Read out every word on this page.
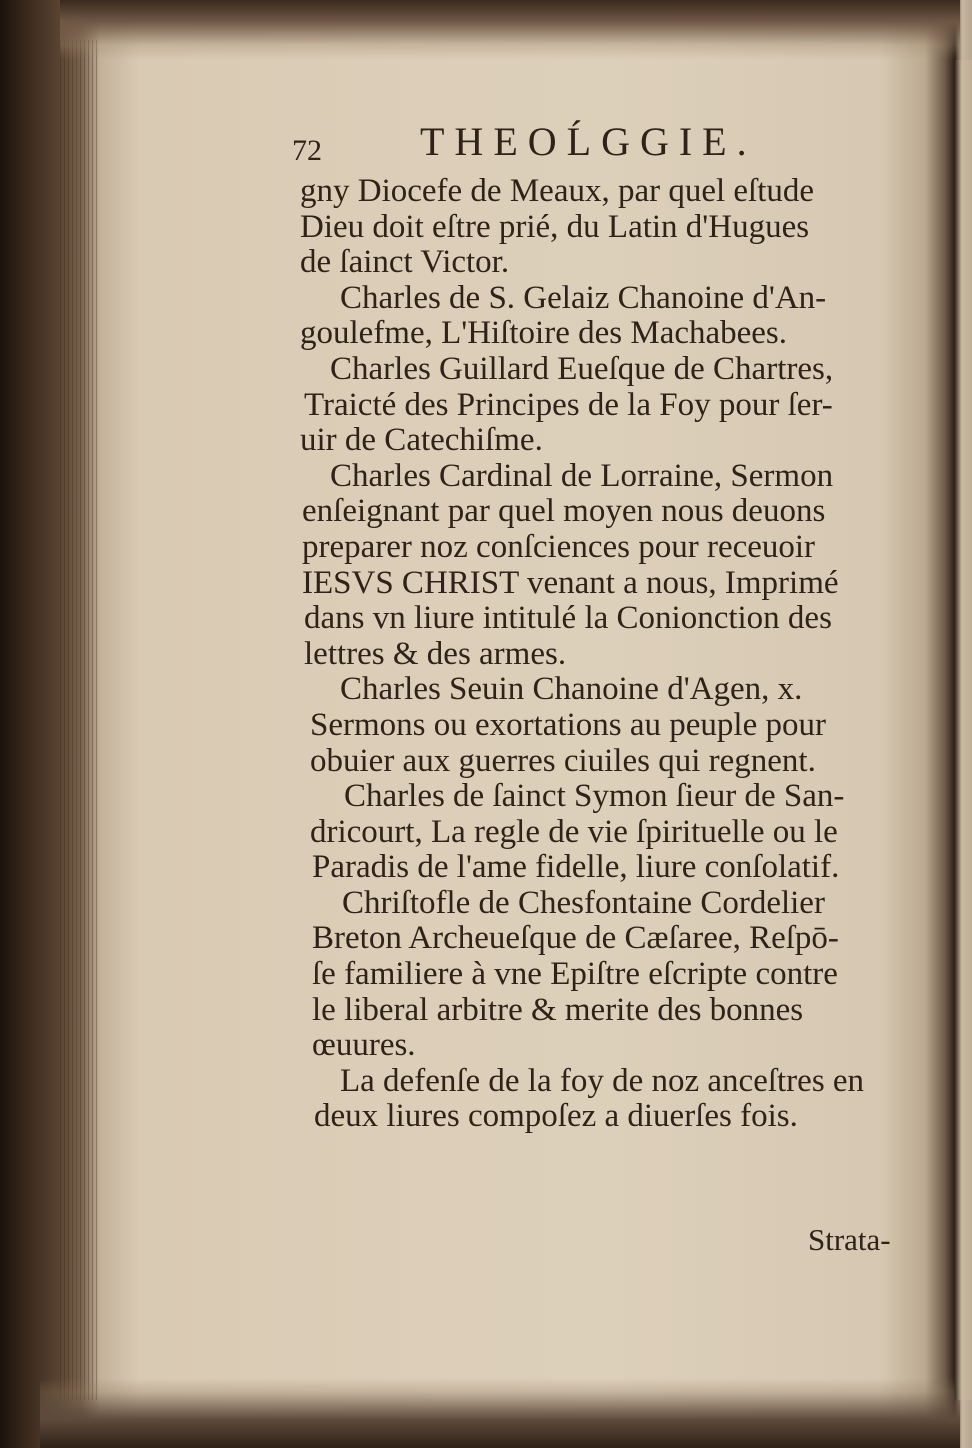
72 THEOĹGGIE.
gny Diocefe de Meaux, par quel eſtude
Dieu doit eſtre prié, du Latin d'Hugues
de ſainct Victor.
Charles de S. Gelaiz Chanoine d'An-
goulefme, L'Hiſtoire des Machabees.
Charles Guillard Eueſque de Chartres,
Traicté des Principes de la Foy pour ſer-
uir de Catechiſme.
Charles Cardinal de Lorraine, Sermon
enſeignant par quel moyen nous deuons
preparer noz conſciences pour receuoir
IESVS CHRIST venant a nous, Imprimé
dans vn liure intitulé la Conionction des
lettres & des armes.
Charles Seuin Chanoine d'Agen, x.
Sermons ou exortations au peuple pour
obuier aux guerres ciuiles qui regnent.
Charles de ſainct Symon ſieur de San-
dricourt, La regle de vie ſpirituelle ou le
Paradis de l'ame fidelle, liure conſolatif.
Chriſtofle de Chesfontaine Cordelier
Breton Archeueſque de Cæſaree, Reſpō-
ſe familiere à vne Epiſtre eſcripte contre
le liberal arbitre & merite des bonnes
œuures.
La defenſe de la foy de noz anceſtres en
deux liures compoſez a diuerſes fois.
Strata-
